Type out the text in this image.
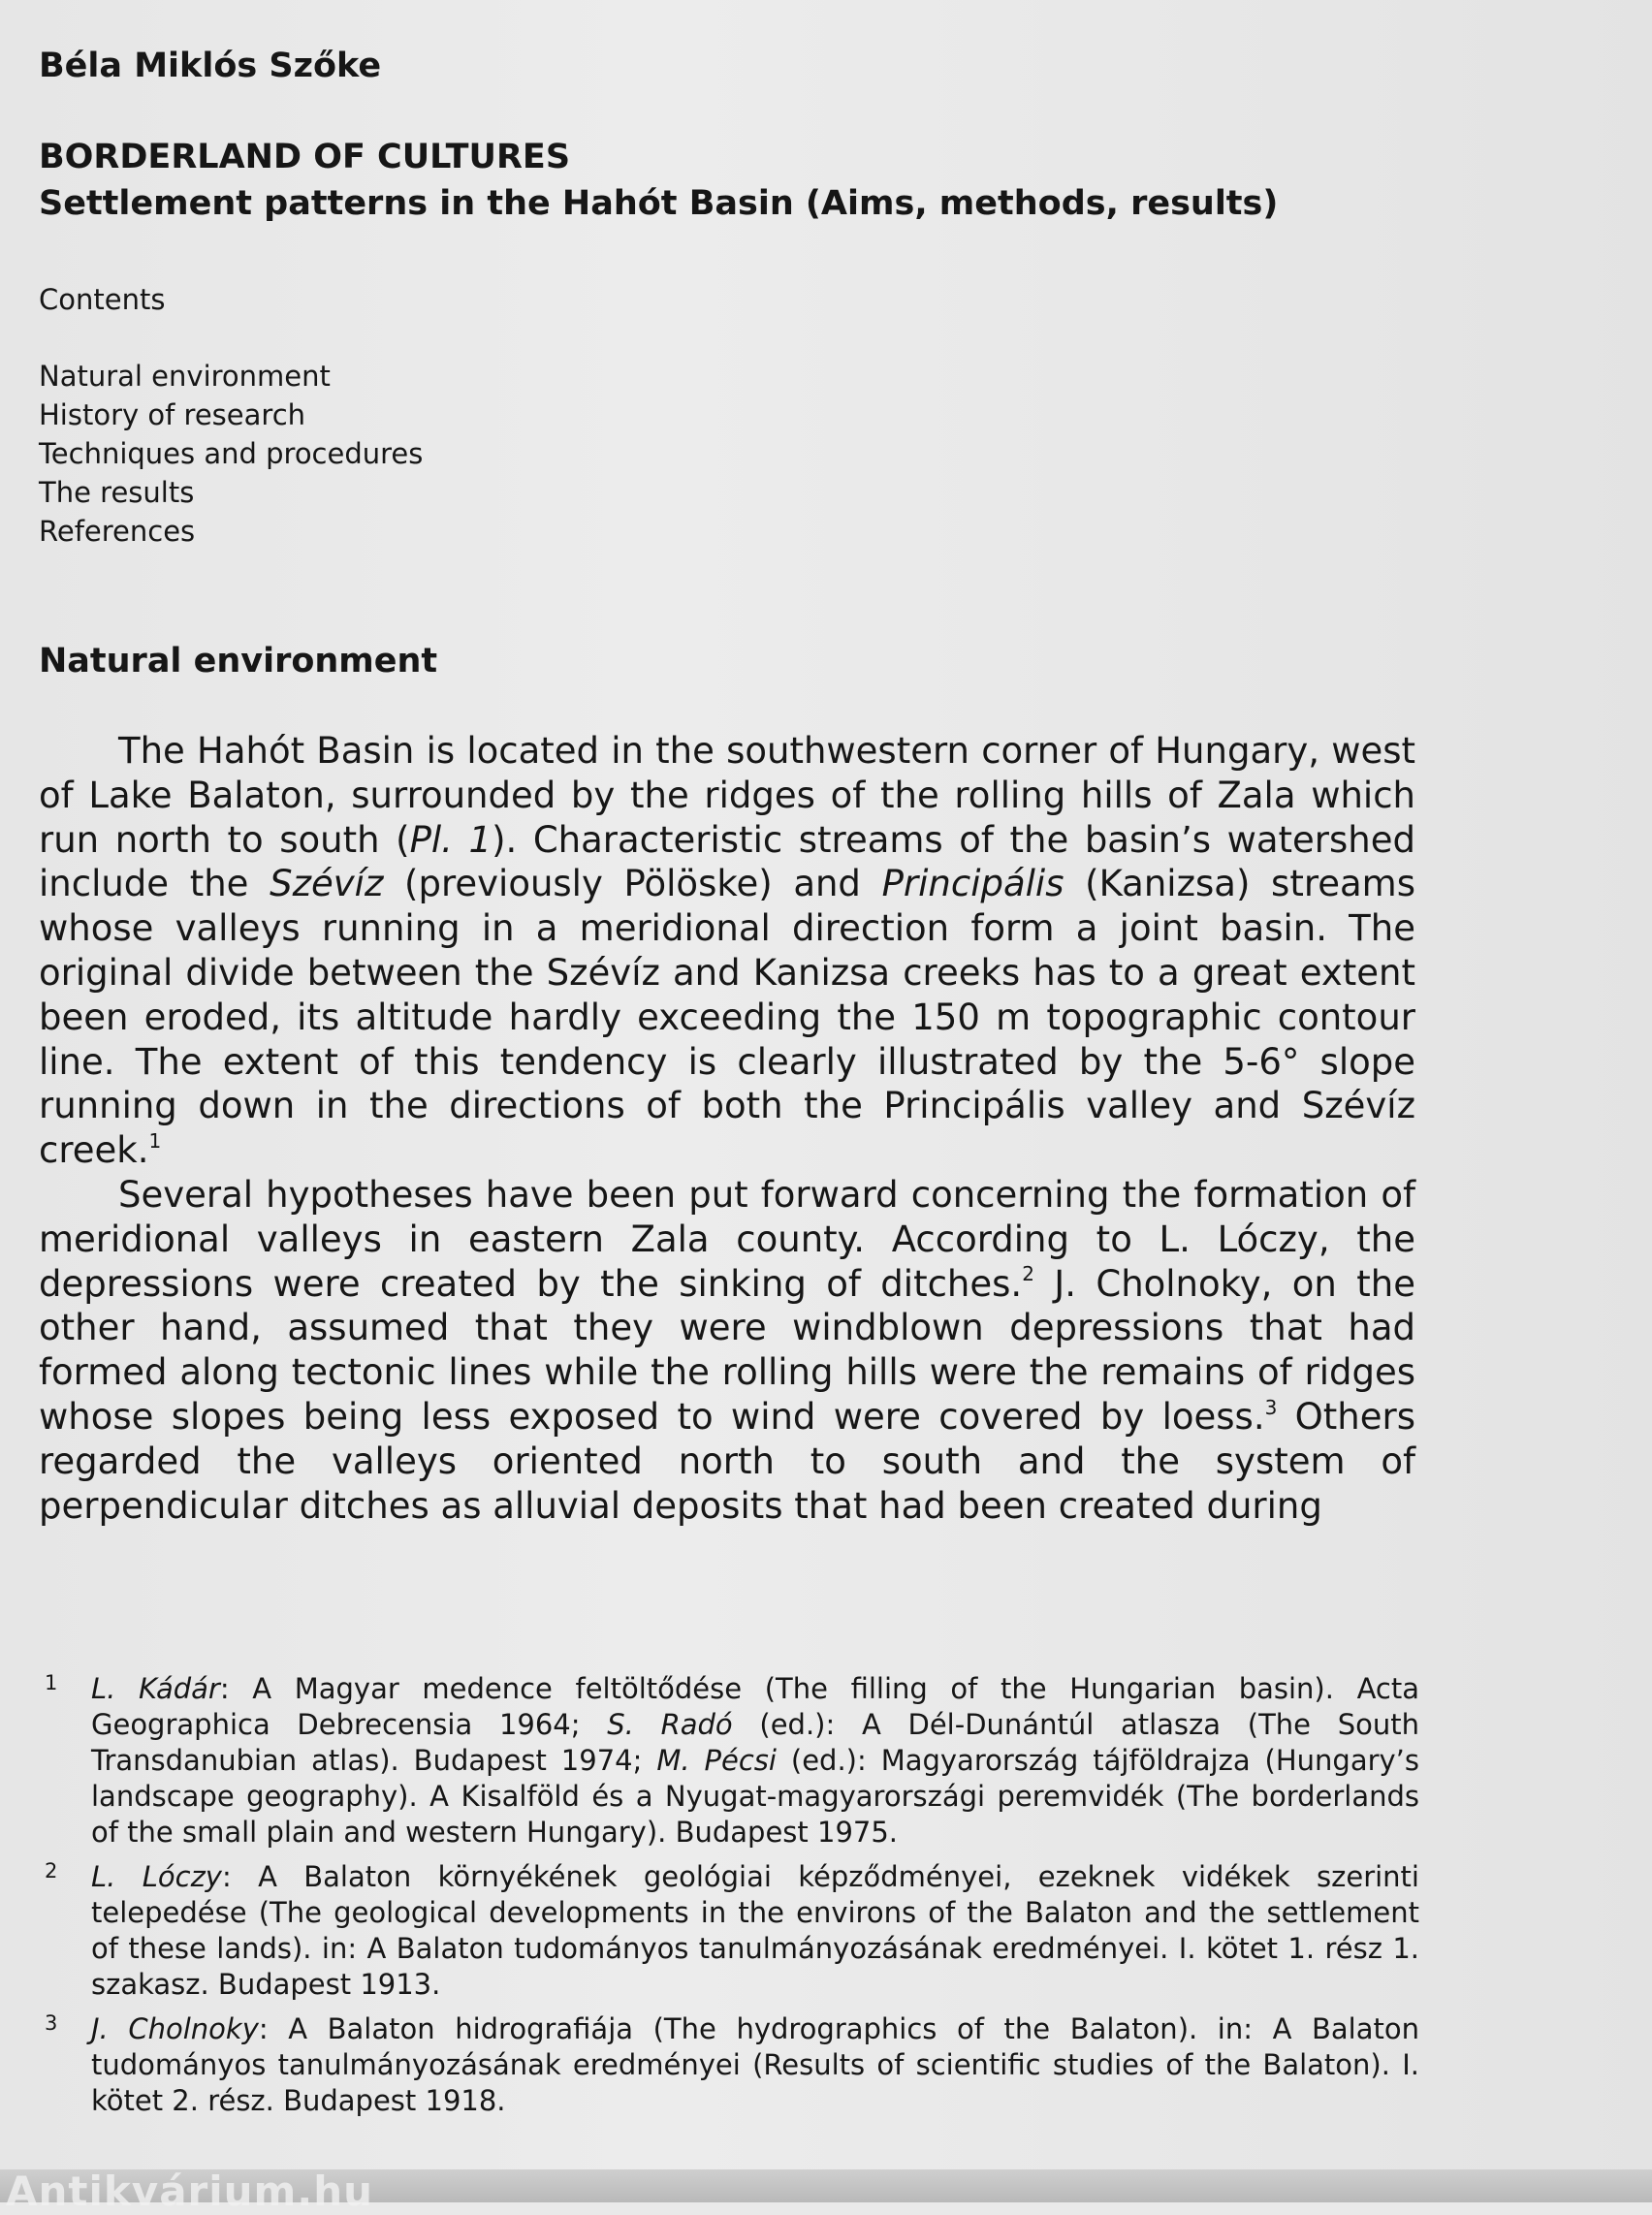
Béla Miklós Szőke
BORDERLAND OF CULTURES
Settlement patterns in the Hahót Basin (Aims, methods, results)
Contents
Natural environment
History of research
Techniques and procedures
The results
References
Natural environment

The Hahót Basin is located in the southwestern corner of Hungary, west of Lake Balaton, surrounded by the ridges of the rolling hills of Zala which run north to south (Pl. 1). Characteristic streams of the basin’s watershed include the Szévíz (previously Pölöske) and Principális (Kanizsa) streams whose valleys running in a meridional direction form a joint basin. The original divide between the Szévíz and Kanizsa creeks has to a great extent been eroded, its altitude hardly exceeding the 150 m topographic contour line. The extent of this tendency is clearly illustrated by the 5-6° slope running down in the directions of both the Principális valley and Szévíz creek.$^1$

Several hypotheses have been put forward concerning the formation of meridional valleys in eastern Zala county. According to L. Lóczy, the depressions were created by the sinking of ditches.$^2$ J. Cholnoky, on the other hand, assumed that they were windblown depressions that had formed along tectonic lines while the rolling hills were the remains of ridges whose slopes being less exposed to wind were covered by loess.$^3$ Others regarded the valleys oriented north to south and the system of perpendicular ditches as alluvial deposits that had been created during

1 L. Kádár: A Magyar medence feltöltődése (The filling of the Hungarian basin). Acta Geographica Debrecensia 1964; S. Radó (ed.): A Dél-Dunántúl atlasza (The South Transdanubian atlas). Budapest 1974; M. Pécsi (ed.): Magyarország tájföldrajza (Hungary’s landscape geography). A Kisalföld és a Nyugat-magyarországi peremvidék (The borderlands of the small plain and western Hungary). Budapest 1975.
2 L. Lóczy: A Balaton környékének geológiai képződményei, ezeknek vidékek szerinti telepedése (The geological developments in the environs of the Balaton and the settlement of these lands). in: A Balaton tudományos tanulmányozásának eredményei. I. kötet 1. rész 1. szakasz. Budapest 1913.
3 J. Cholnoky: A Balaton hidrografiája (The hydrographics of the Balaton). in: A Balaton tudományos tanulmányozásának eredményei (Results of scientific studies of the Balaton). I. kötet 2. rész. Budapest 1918.
Antikvárium.hu
